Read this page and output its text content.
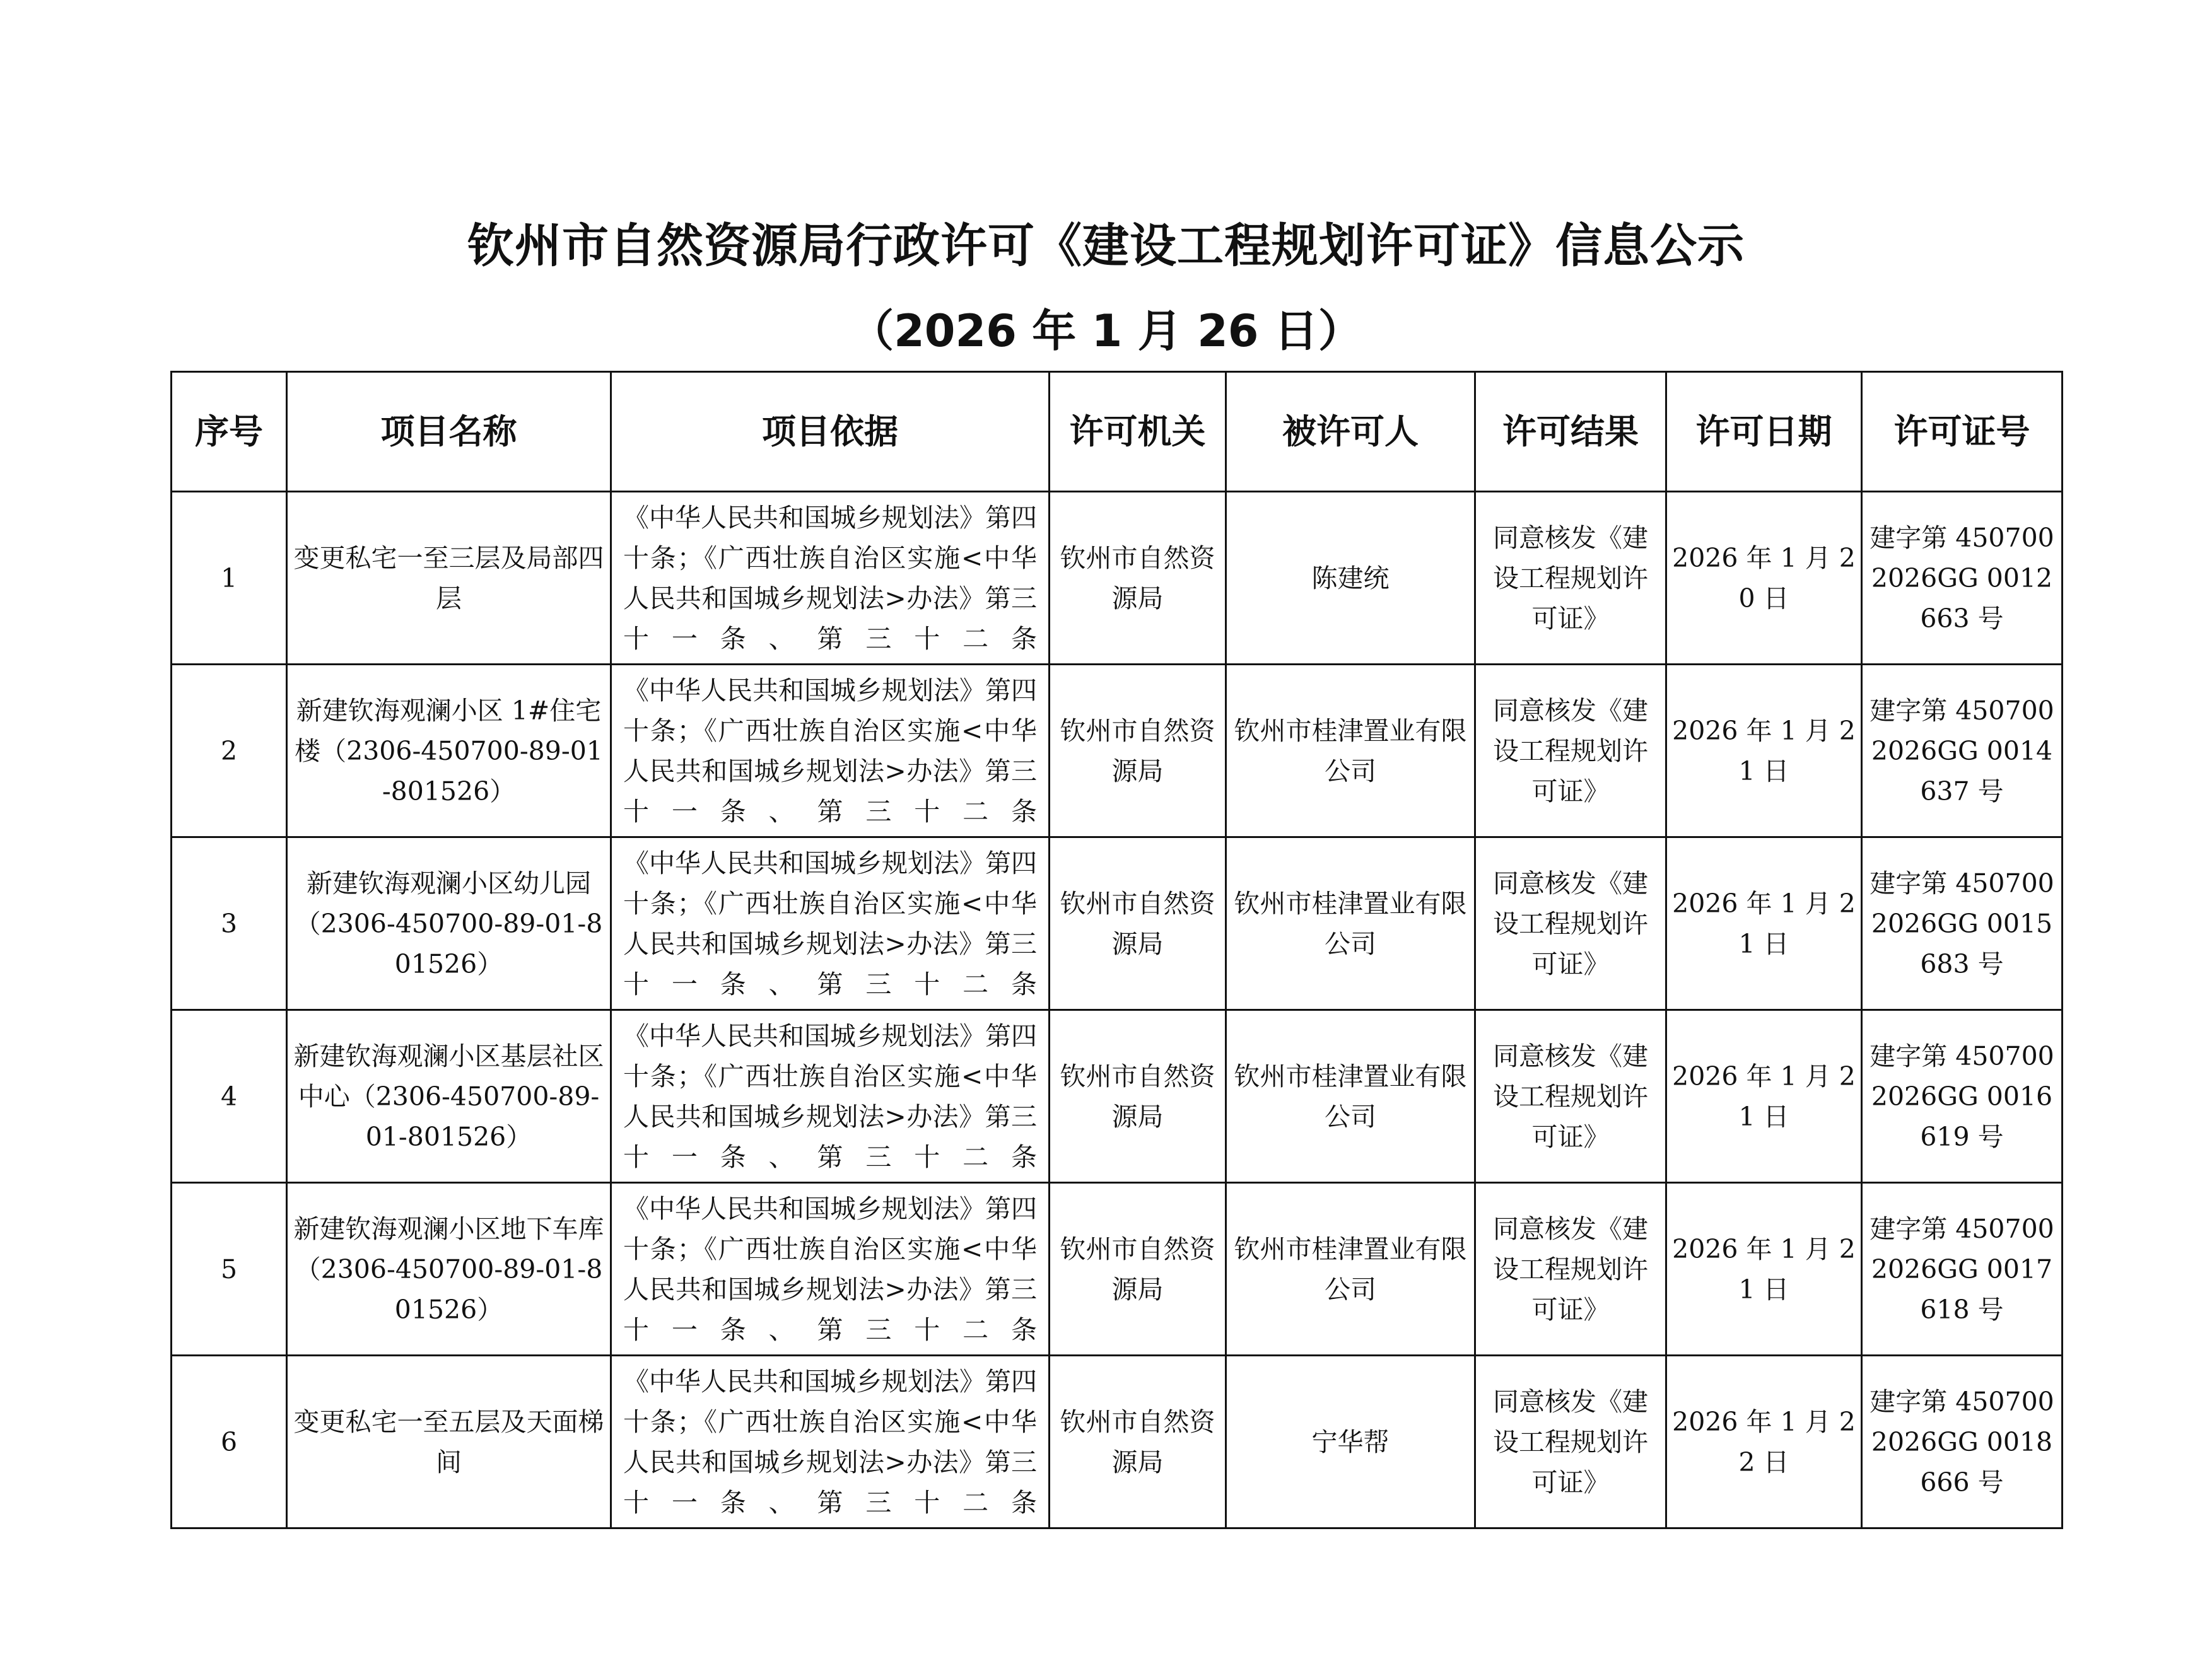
钦州市自然资源局行政许可《建设工程规划许可证》信息公示
（2026 年 1 月 26 日）
序号	项目名称	项目依据	许可机关	被许可人	许可结果	许可日期	许可证号
1	变更私宅一至三层及局部四层	《中华人民共和国城乡规划法》第四十条；《广西壮族自治区实施<中华人民共和国城乡规划法>办法》第三十一条、第三十二条	钦州市自然资源局	陈建统	同意核发《建设工程规划许可证》	2026 年 1 月 20 日	建字第 4507002026GG 0012663 号
2	新建钦海观澜小区 1#住宅楼（2306-450700-89-01-801526）	《中华人民共和国城乡规划法》第四十条；《广西壮族自治区实施<中华人民共和国城乡规划法>办法》第三十一条、第三十二条	钦州市自然资源局	钦州市桂津置业有限公司	同意核发《建设工程规划许可证》	2026 年 1 月 21 日	建字第 4507002026GG 0014637 号
3	新建钦海观澜小区幼儿园（2306-450700-89-01-801526）	《中华人民共和国城乡规划法》第四十条；《广西壮族自治区实施<中华人民共和国城乡规划法>办法》第三十一条、第三十二条	钦州市自然资源局	钦州市桂津置业有限公司	同意核发《建设工程规划许可证》	2026 年 1 月 21 日	建字第 4507002026GG 0015683 号
4	新建钦海观澜小区基层社区中心（2306-450700-89-01-801526）	《中华人民共和国城乡规划法》第四十条；《广西壮族自治区实施<中华人民共和国城乡规划法>办法》第三十一条、第三十二条	钦州市自然资源局	钦州市桂津置业有限公司	同意核发《建设工程规划许可证》	2026 年 1 月 21 日	建字第 4507002026GG 0016619 号
5	新建钦海观澜小区地下车库（2306-450700-89-01-801526）	《中华人民共和国城乡规划法》第四十条；《广西壮族自治区实施<中华人民共和国城乡规划法>办法》第三十一条、第三十二条	钦州市自然资源局	钦州市桂津置业有限公司	同意核发《建设工程规划许可证》	2026 年 1 月 21 日	建字第 4507002026GG 0017618 号
6	变更私宅一至五层及天面梯间	《中华人民共和国城乡规划法》第四十条；《广西壮族自治区实施<中华人民共和国城乡规划法>办法》第三十一条、第三十二条	钦州市自然资源局	宁华帮	同意核发《建设工程规划许可证》	2026 年 1 月 22 日	建字第 4507002026GG 0018666 号
